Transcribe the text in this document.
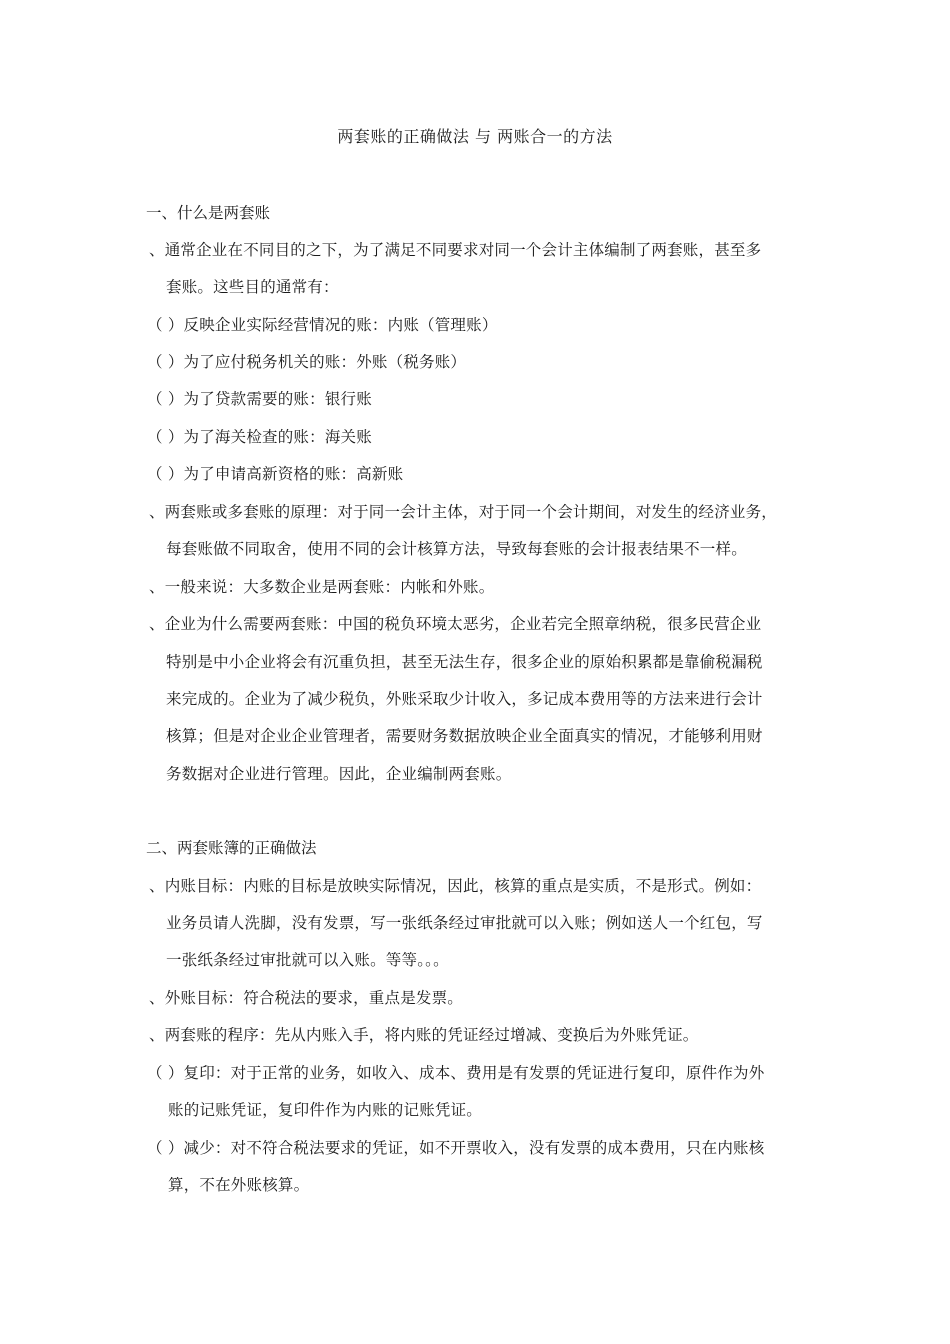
两套账的正确做法 与 两账合一的方法
一、什么是两套账
、通常企业在不同目的之下，为了满足不同要求对同一个会计主体编制了两套账，甚至多
套账。这些目的通常有：
（ ）反映企业实际经营情况的账：内账（管理账）
（ ）为了应付税务机关的账：外账（税务账）
（ ）为了贷款需要的账：银行账
（ ）为了海关检查的账：海关账
（ ）为了申请高新资格的账：高新账
、两套账或多套账的原理：对于同一会计主体，对于同一个会计期间，对发生的经济业务，
每套账做不同取舍，使用不同的会计核算方法，导致每套账的会计报表结果不一样。
、一般来说：大多数企业是两套账：内帐和外账。
、企业为什么需要两套账：中国的税负环境太恶劣，企业若完全照章纳税，很多民营企业
特别是中小企业将会有沉重负担，甚至无法生存，很多企业的原始积累都是靠偷税漏税
来完成的。企业为了减少税负，外账采取少计收入，多记成本费用等的方法来进行会计
核算；但是对企业企业管理者，需要财务数据放映企业全面真实的情况，才能够利用财
务数据对企业进行管理。因此，企业编制两套账。
二、两套账簿的正确做法
、内账目标：内账的目标是放映实际情况，因此，核算的重点是实质，不是形式。例如：
业务员请人洗脚，没有发票，写一张纸条经过审批就可以入账；例如送人一个红包，写
一张纸条经过审批就可以入账。等等。。。
、外账目标：符合税法的要求，重点是发票。
、两套账的程序：先从内账入手，将内账的凭证经过增减、变换后为外账凭证。
（ ）复印：对于正常的业务，如收入、成本、费用是有发票的凭证进行复印，原件作为外
账的记账凭证，复印件作为内账的记账凭证。
（ ）减少：对不符合税法要求的凭证，如不开票收入，没有发票的成本费用，只在内账核
算，不在外账核算。
